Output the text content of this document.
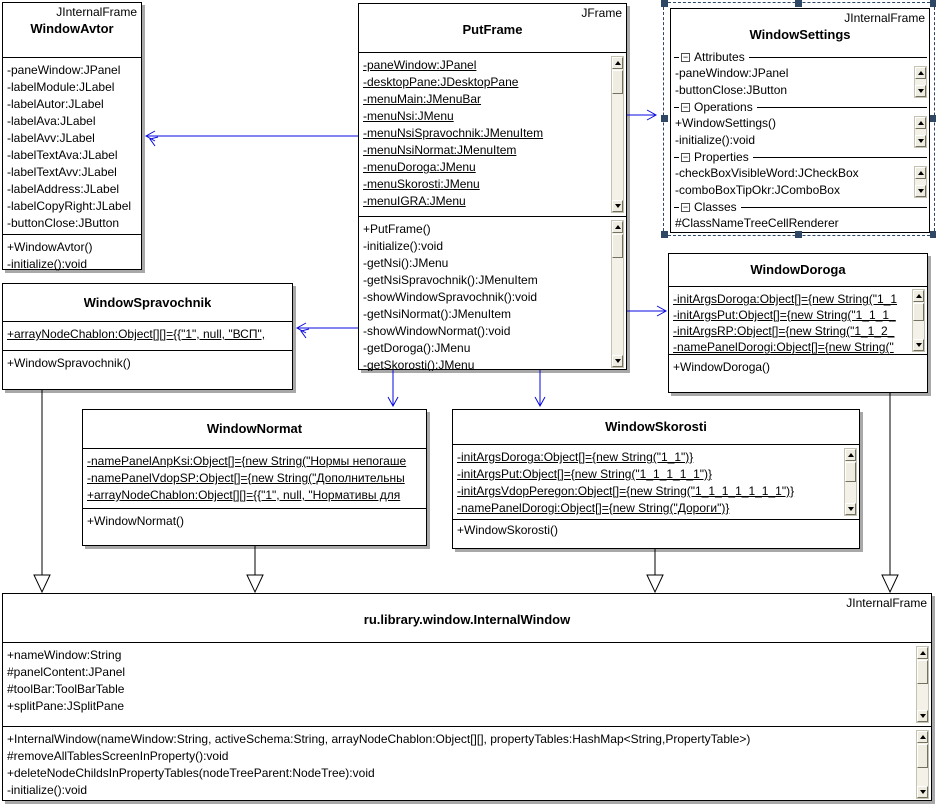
JInternalFrame
WindowAvtor
-paneWindow:JPanel
-labelModule:JLabel
-labelAutor:JLabel
-labelAva:JLabel
-labelAvv:JLabel
-labelTextAva:JLabel
-labelTextAvv:JLabel
-labelAddress:JLabel
-labelCopyRight:JLabel
-buttonClose:JButton
+WindowAvtor()
-initialize():void
JFrame
PutFrame
-paneWindow:JPanel
-desktopPane:JDesktopPane
-menuMain:JMenuBar
-menuNsi:JMenu
-menuNsiSpravochnik:JMenuItem
-menuNsiNormat:JMenuItem
-menuDoroga:JMenu
-menuSkorosti:JMenu
-menuIGRA:JMenu
+PutFrame()
-initialize():void
-getNsi():JMenu
-getNsiSpravochnik():JMenuItem
-showWindowSpravochnik():void
-getNsiNormat():JMenuItem
-showWindowNormat():void
-getDoroga():JMenu
-getSkorosti():JMenu
JInternalFrame
WindowSettings
− Attributes
-paneWindow:JPanel
-buttonClose:JButton
− Operations
+WindowSettings()
-initialize():void
− Properties
-checkBoxVisibleWord:JCheckBox
-comboBoxTipOkr:JComboBox
− Classes
#ClassNameTreeCellRenderer
WindowSpravochnik
+arrayNodeChablon:Object[][]={{"1", null, "ВСП",
+WindowSpravochnik()
WindowDoroga
-initArgsDoroga:Object[]={new String("1_1
-initArgsPut:Object[]={new String("1_1_1_
-initArgsRP:Object[]={new String("1_1_2_
-namePanelDorogi:Object[]={new String("
+WindowDoroga()
WindowNormat
-namePanelAnpKsi:Object[]={new String("Нормы непогаше
-namePanelVdopSP:Object[]={new String("Дополнительны
+arrayNodeChablon:Object[][]={{"1", null, "Нормативы для
+WindowNormat()
WindowSkorosti
-initArgsDoroga:Object[]={new String("1_1")}
-initArgsPut:Object[]={new String("1_1_1_1_1")}
-initArgsVdopPeregon:Object[]={new String("1_1_1_1_1_1_1")}
-namePanelDorogi:Object[]={new String("Дороги")}
+WindowSkorosti()
JInternalFrame
ru.library.window.InternalWindow
+nameWindow:String
#panelContent:JPanel
#toolBar:ToolBarTable
+splitPane:JSplitPane
+InternalWindow(nameWindow:String, activeSchema:String, arrayNodeChablon:Object[][], propertyTables:HashMap<String,PropertyTable>)
#removeAllTablesScreenInProperty():void
+deleteNodeChildsInPropertyTables(nodeTreeParent:NodeTree):void
-initialize():void
